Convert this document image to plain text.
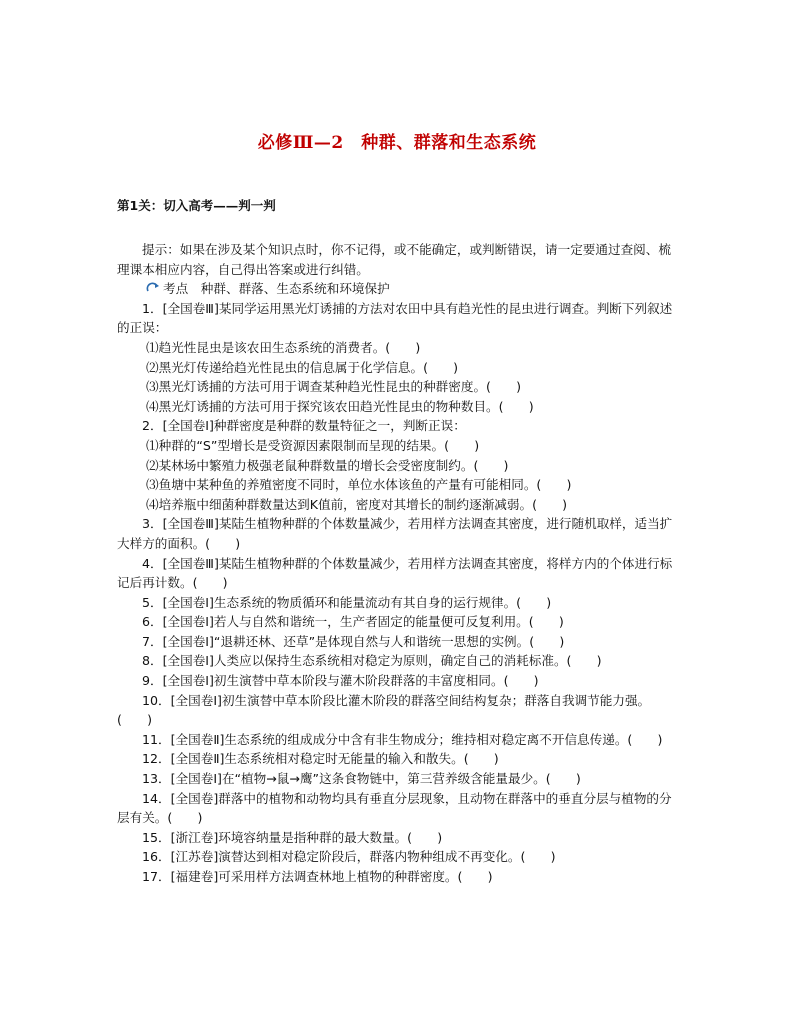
必修Ⅲ—2　种群、群落和生态系统
第1关：切入高考——判一判

提示：如果在涉及某个知识点时，你不记得，或不能确定，或判断错误，请一定要通过查阅、梳理课本相应内容，自己得出答案或进行纠错。

考点　种群、群落、生态系统和环境保护

1．[全国卷Ⅲ]某同学运用黑光灯诱捕的方法对农田中具有趋光性的昆虫进行调查。判断下列叙述的正误：

⑴趋光性昆虫是该农田生态系统的消费者。(　　)

⑵黑光灯传递给趋光性昆虫的信息属于化学信息。(　　)

⑶黑光灯诱捕的方法可用于调查某种趋光性昆虫的种群密度。(　　)

⑷黑光灯诱捕的方法可用于探究该农田趋光性昆虫的物种数目。(　　)

2．[全国卷Ⅰ]种群密度是种群的数量特征之一，判断正误：

⑴种群的“S”型增长是受资源因素限制而呈现的结果。(　　)

⑵某林场中繁殖力极强老鼠种群数量的增长会受密度制约。(　　)

⑶鱼塘中某种鱼的养殖密度不同时，单位水体该鱼的产量有可能相同。(　　)

⑷培养瓶中细菌种群数量达到K值前，密度对其增长的制约逐渐减弱。(　　)

3．[全国卷Ⅲ]某陆生植物种群的个体数量减少，若用样方法调查其密度，进行随机取样，适当扩大样方的面积。(　　)

4．[全国卷Ⅲ]某陆生植物种群的个体数量减少，若用样方法调查其密度，将样方内的个体进行标记后再计数。(　　)

5．[全国卷Ⅰ]生态系统的物质循环和能量流动有其自身的运行规律。(　　)

6．[全国卷Ⅰ]若人与自然和谐统一，生产者固定的能量便可反复利用。(　　)

7．[全国卷Ⅰ]“退耕还林、还草”是体现自然与人和谐统一思想的实例。(　　)

8．[全国卷Ⅰ]人类应以保持生态系统相对稳定为原则，确定自己的消耗标准。(　　)

9．[全国卷Ⅰ]初生演替中草本阶段与灌木阶段群落的丰富度相同。(　　)

10．[全国卷Ⅰ]初生演替中草本阶段比灌木阶段的群落空间结构复杂；群落自我调节能力强。(　　)

11．[全国卷Ⅱ]生态系统的组成成分中含有非生物成分；维持相对稳定离不开信息传递。(　　)

12．[全国卷Ⅱ]生态系统相对稳定时无能量的输入和散失。(　　)

13．[全国卷Ⅰ]在“植物→鼠→鹰”这条食物链中，第三营养级含能量最少。(　　)

14．[全国卷]群落中的植物和动物均具有垂直分层现象，且动物在群落中的垂直分层与植物的分层有关。(　　)

15．[浙江卷]环境容纳量是指种群的最大数量。(　　)

16．[江苏卷]演替达到相对稳定阶段后，群落内物种组成不再变化。(　　)

17．[福建卷]可采用样方法调查林地上植物的种群密度。(　　)
